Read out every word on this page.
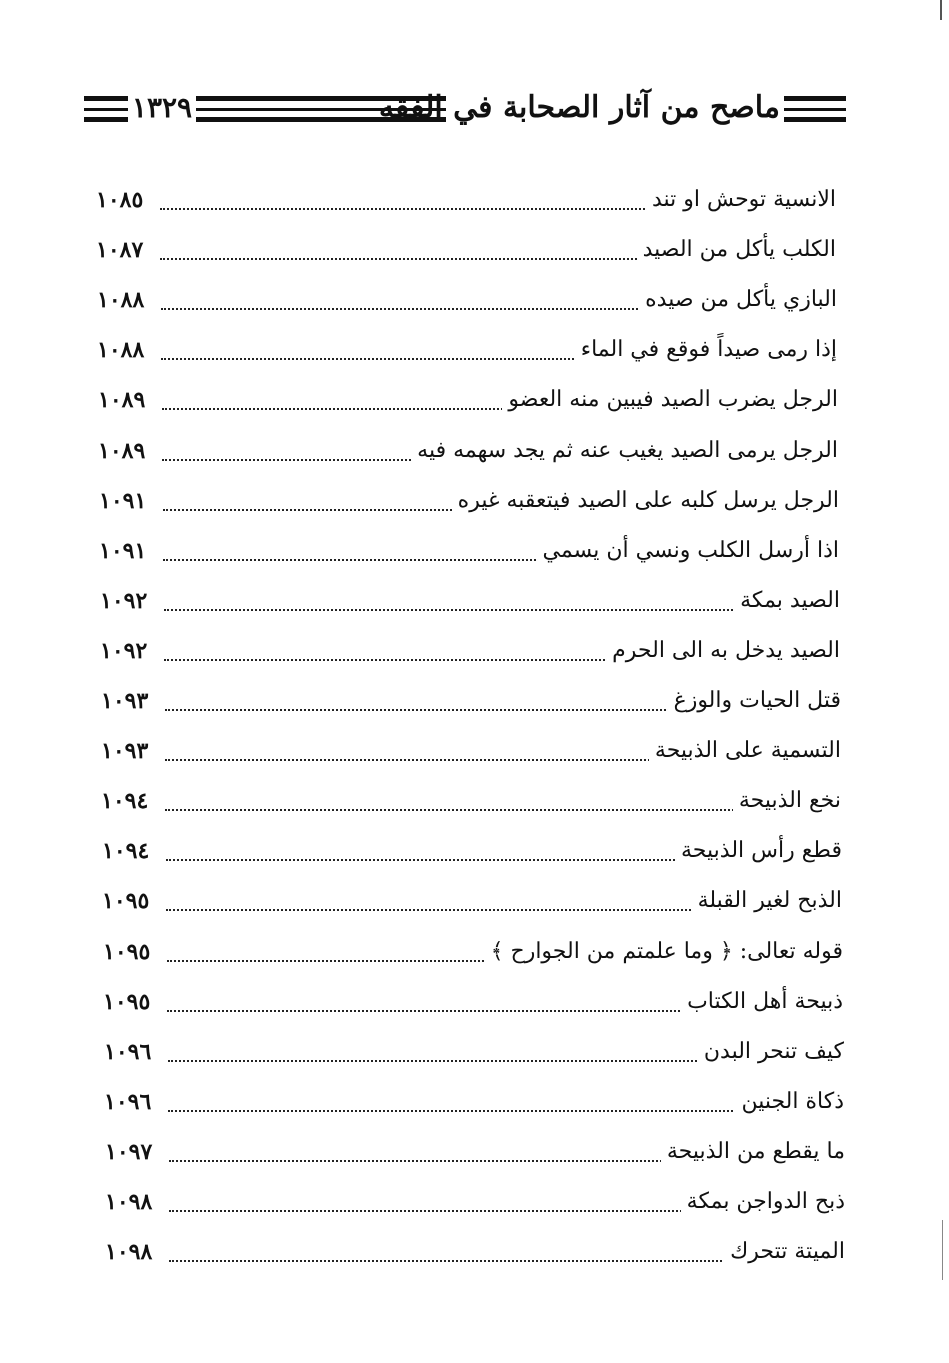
١٣٢٩	ماصح من آثار الصحابة في الفقه
الانسية توحش او تند
١٠٨٥
الكلب يأكل من الصيد
١٠٨٧
البازي يأكل من صيده
١٠٨٨
إذا رمى صيداً فوقع في الماء
١٠٨٨
الرجل يضرب الصيد فيبين منه العضو
١٠٨٩
الرجل يرمى الصيد يغيب عنه ثم يجد سهمه فيه
١٠٨٩
الرجل يرسل كلبه على الصيد فيتعقبه غيره
١٠٩١
اذا أرسل الكلب ونسي أن يسمي
١٠٩١
الصيد بمكة
١٠٩٢
الصيد يدخل به الى الحرم
١٠٩٢
قتل الحيات والوزغ
١٠٩٣
التسمية على الذبيحة
١٠٩٣
نخع الذبيحة
١٠٩٤
قطع رأس الذبيحة
١٠٩٤
الذبح لغير القبلة
١٠٩٥
قوله تعالى: ﴿ وما علمتم من الجوارح ﴾
١٠٩٥
ذبيحة أهل الكتاب
١٠٩٥
كيف تنحر البدن
١٠٩٦
ذكاة الجنين
١٠٩٦
ما يقطع من الذبيحة
١٠٩٧
ذبح الدواجن بمكة
١٠٩٨
الميتة تتحرك
١٠٩٨
